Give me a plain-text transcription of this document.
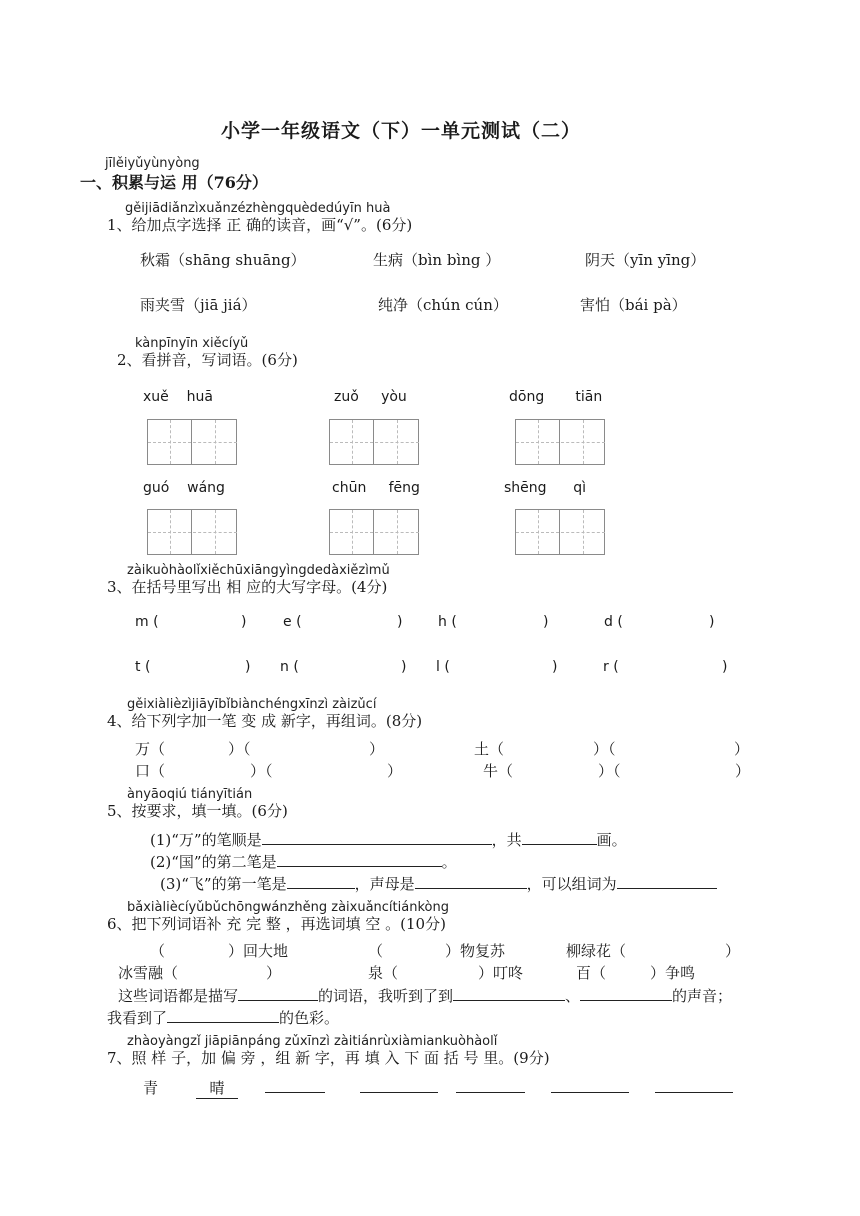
小学一年级语文（下）一单元测试（二）
jīlěiyǔyùnyòng
一、积累与运 用（76分）
gěijiādiǎnzìxuǎnzézhèngquèdedúyīn huà
1、给加点字选择 正 确的读音，画“√”。(6分)
秋霜（shāng shuāng）	生病（bìn bìng ）	阴天（yīn yīng）
雨夹雪（jiā jiá）	纯净（chún cún）	害怕（bái pà）
kànpīnyīn xiěcíyǔ
2、看拼音，写词语。(6分)
xuě huā	zuǒ yòu	dōng tiān
guó wáng	chūn fēng	shēng qì
zàikuòhàolǐxiěchūxiāngyìngdedàxiězìmǔ
3、在括号里写出 相 应的大写字母。(4分)
m (	)	e (	)	h (	)	d (	)
t (	) n (	) l (	)	r (	)
gěixiàlièzìjiāyībǐbiànchéngxīnzì zàizǔcí
4、给下列字加一笔 变 成 新字，再组词。(8分)
万（	）（	）	土（	）（	）
口（	）（	）	牛（	）（	）
ànyāoqiú tiányītián
5、按要求，填一填。(6分)
(1)“万”的笔顺是	，共	画。
(2)“国”的第二笔是	。
(3)“飞”的第一笔是	，声母是	，可以组词为
bǎxiàliècíyǔbǔchōngwánzhěng zàixuǎncítiánkòng
6、把下列词语补 充 完 整 ，再选词填 空 。(10分)
（	）回大地	（	）物复苏	柳绿花（	）
冰雪融（	）	泉（	）叮咚	百（	）争鸣
这些词语都是描写	的词语，我听到了到	、	的声音；
我看到了	的色彩。
zhàoyàngzǐ jiāpiānpáng zǔxīnzì zàitiánrùxiàmiankuòhàolǐ
7、照 样 子，加 偏 旁 ，组 新 字，再 填 入 下 面 括 号 里。(9分)
青	晴
